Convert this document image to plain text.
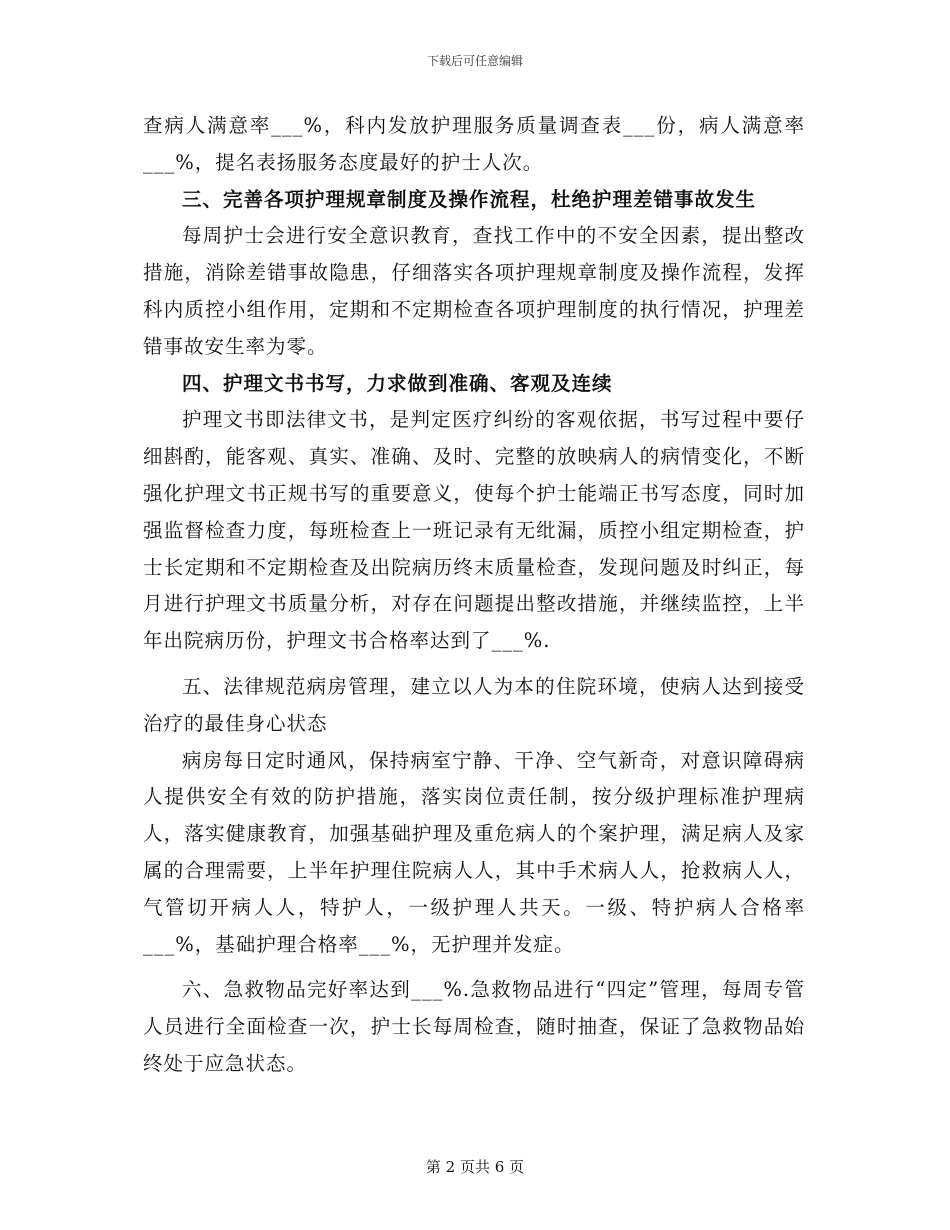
下载后可任意编辑

查病人满意率___%，科内发放护理服务质量调查表___份，病人满意率___%，提名表扬服务态度最好的护士人次。

三、完善各项护理规章制度及操作流程，杜绝护理差错事故发生

每周护士会进行安全意识教育，查找工作中的不安全因素，提出整改措施，消除差错事故隐患，仔细落实各项护理规章制度及操作流程，发挥科内质控小组作用，定期和不定期检查各项护理制度的执行情况，护理差错事故安生率为零。

四、护理文书书写，力求做到准确、客观及连续

护理文书即法律文书，是判定医疗纠纷的客观依据，书写过程中要仔细斟酌，能客观、真实、准确、及时、完整的放映病人的病情变化，不断强化护理文书正规书写的重要意义，使每个护士能端正书写态度，同时加强监督检查力度，每班检查上一班记录有无纰漏，质控小组定期检查，护士长定期和不定期检查及出院病历终末质量检查，发现问题及时纠正，每月进行护理文书质量分析，对存在问题提出整改措施，并继续监控，上半年出院病历份，护理文书合格率达到了___%.

五、法律规范病房管理，建立以人为本的住院环境，使病人达到接受治疗的最佳身心状态

病房每日定时通风，保持病室宁静、干净、空气新奇，对意识障碍病人提供安全有效的防护措施，落实岗位责任制，按分级护理标准护理病人，落实健康教育，加强基础护理及重危病人的个案护理，满足病人及家属的合理需要，上半年护理住院病人人，其中手术病人人，抢救病人人，气管切开病人人，特护人，一级护理人共天。一级、特护病人合格率___%，基础护理合格率___%，无护理并发症。

六、急救物品完好率达到___%.急救物品进行“四定”管理，每周专管人员进行全面检查一次，护士长每周检查，随时抽查，保证了急救物品始终处于应急状态。

第 2 页共 6 页
